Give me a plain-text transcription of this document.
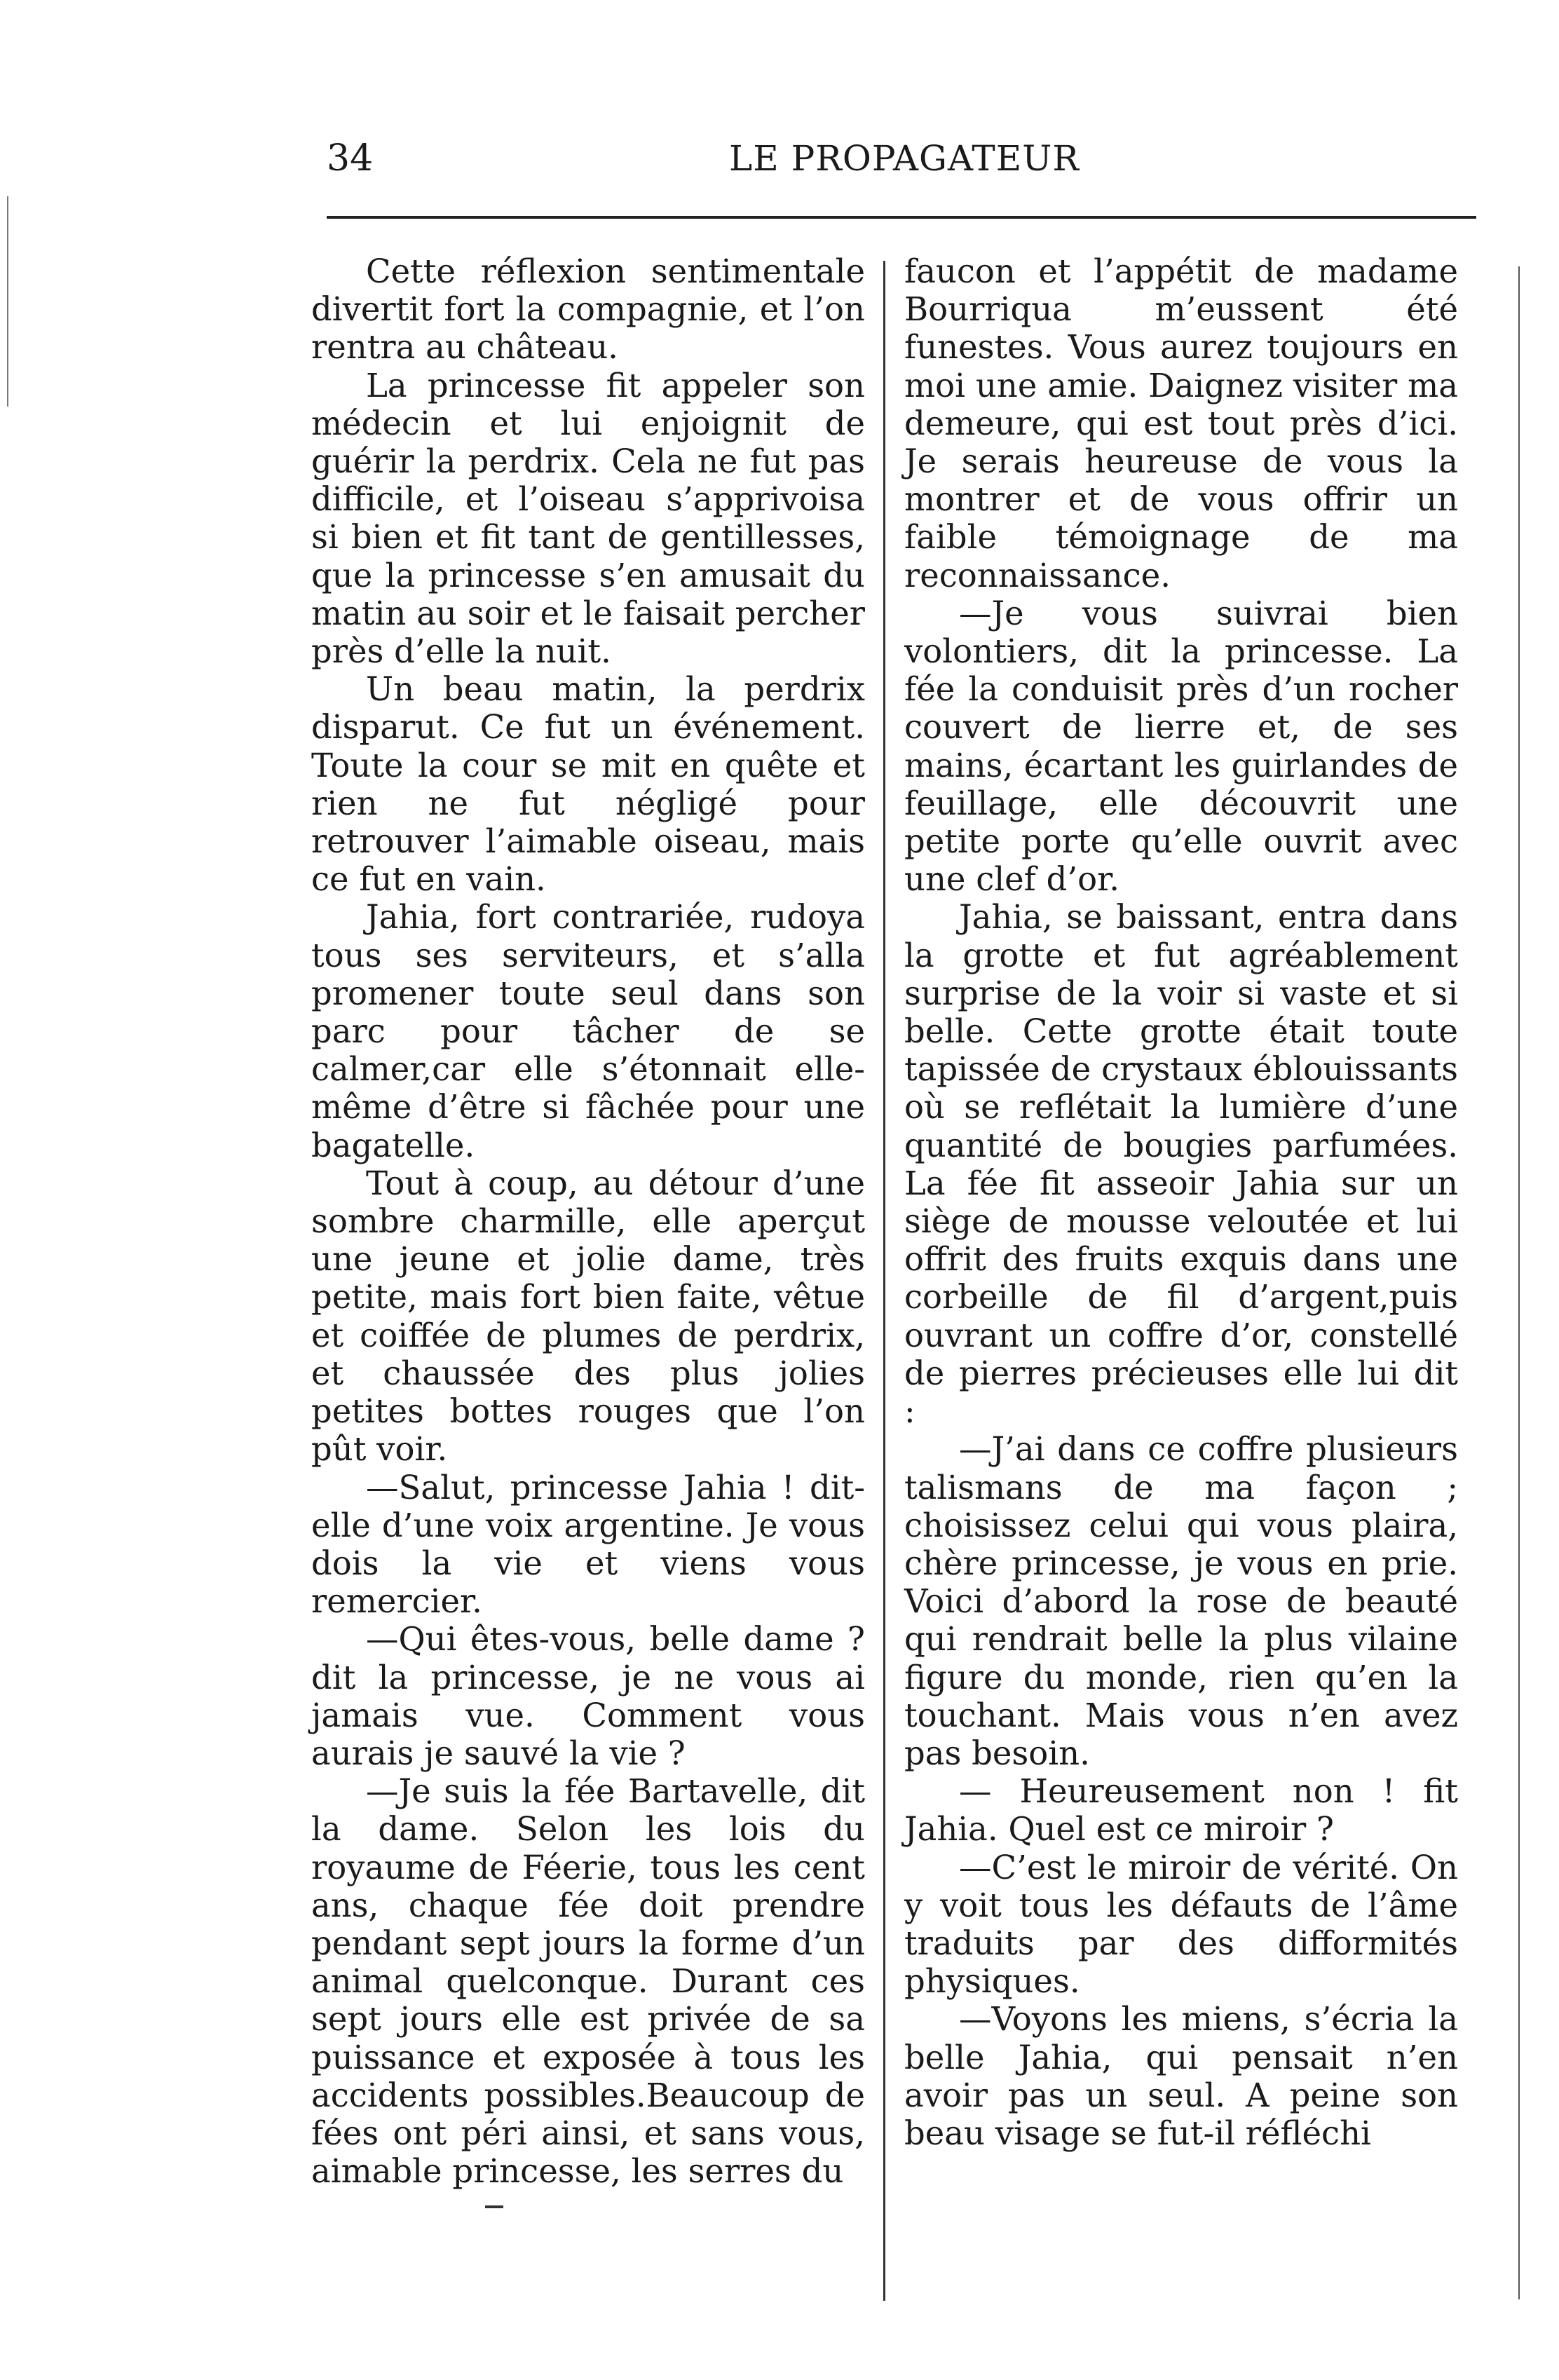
34	LE PROPAGATEUR

Cette réflexion sentimentale divertit fort la compagnie, et l’on rentra au château.

La princesse fit appeler son médecin et lui enjoignit de guérir la perdrix. Cela ne fut pas difficile, et l’oiseau s’apprivoisa si bien et fit tant de gentillesses, que la princesse s’en amusait du matin au soir et le faisait percher près d’elle la nuit.

Un beau matin, la perdrix disparut. Ce fut un événement. Toute la cour se mit en quête et rien ne fut négligé pour retrouver l’aimable oiseau, mais ce fut en vain.

Jahia, fort contrariée, rudoya tous ses serviteurs, et s’alla promener toute seul dans son parc pour tâcher de se calmer,car elle s’étonnait elle-même d’être si fâchée pour une bagatelle.

Tout à coup, au détour d’une sombre charmille, elle aperçut une jeune et jolie dame, très petite, mais fort bien faite, vêtue et coiffée de plumes de perdrix, et chaussée des plus jolies petites bottes rouges que l’on pût voir.

—Salut, princesse Jahia ! dit-elle d’une voix argentine. Je vous dois la vie et viens vous remercier.

—Qui êtes-vous, belle dame ? dit la princesse, je ne vous ai jamais vue. Comment vous aurais je sauvé la vie ?

—Je suis la fée Bartavelle, dit la dame. Selon les lois du royaume de Féerie, tous les cent ans, chaque fée doit prendre pendant sept jours la forme d’un animal quelconque. Durant ces sept jours elle est privée de sa puissance et exposée à tous les accidents possibles.Beaucoup de fées ont péri ainsi, et sans vous, aimable princesse, les serres du

faucon et l’appétit de madame Bourriqua m’eussent été funestes. Vous aurez toujours en moi une amie. Daignez visiter ma demeure, qui est tout près d’ici. Je serais heureuse de vous la montrer et de vous offrir un faible témoignage de ma reconnaissance.

—Je vous suivrai bien volontiers, dit la princesse. La fée la conduisit près d’un rocher couvert de lierre et, de ses mains, écartant les guirlandes de feuillage, elle découvrit une petite porte qu’elle ouvrit avec une clef d’or.

Jahia, se baissant, entra dans la grotte et fut agréablement surprise de la voir si vaste et si belle. Cette grotte était toute tapissée de crystaux éblouissants où se reflétait la lumière d’une quantité de bougies parfumées. La fée fit asseoir Jahia sur un siège de mousse veloutée et lui offrit des fruits exquis dans une corbeille de fil d’argent,puis ouvrant un coffre d’or, constellé de pierres précieuses elle lui dit :

—J’ai dans ce coffre plusieurs talismans de ma façon ; choisissez celui qui vous plaira, chère princesse, je vous en prie. Voici d’abord la rose de beauté qui rendrait belle la plus vilaine figure du monde, rien qu’en la touchant. Mais vous n’en avez pas besoin.

— Heureusement non ! fit Jahia. Quel est ce miroir ?

—C’est le miroir de vérité. On y voit tous les défauts de l’âme traduits par des difformités physiques.

—Voyons les miens, s’écria la belle Jahia, qui pensait n’en avoir pas un seul. A peine son beau visage se fut-il réfléchi
